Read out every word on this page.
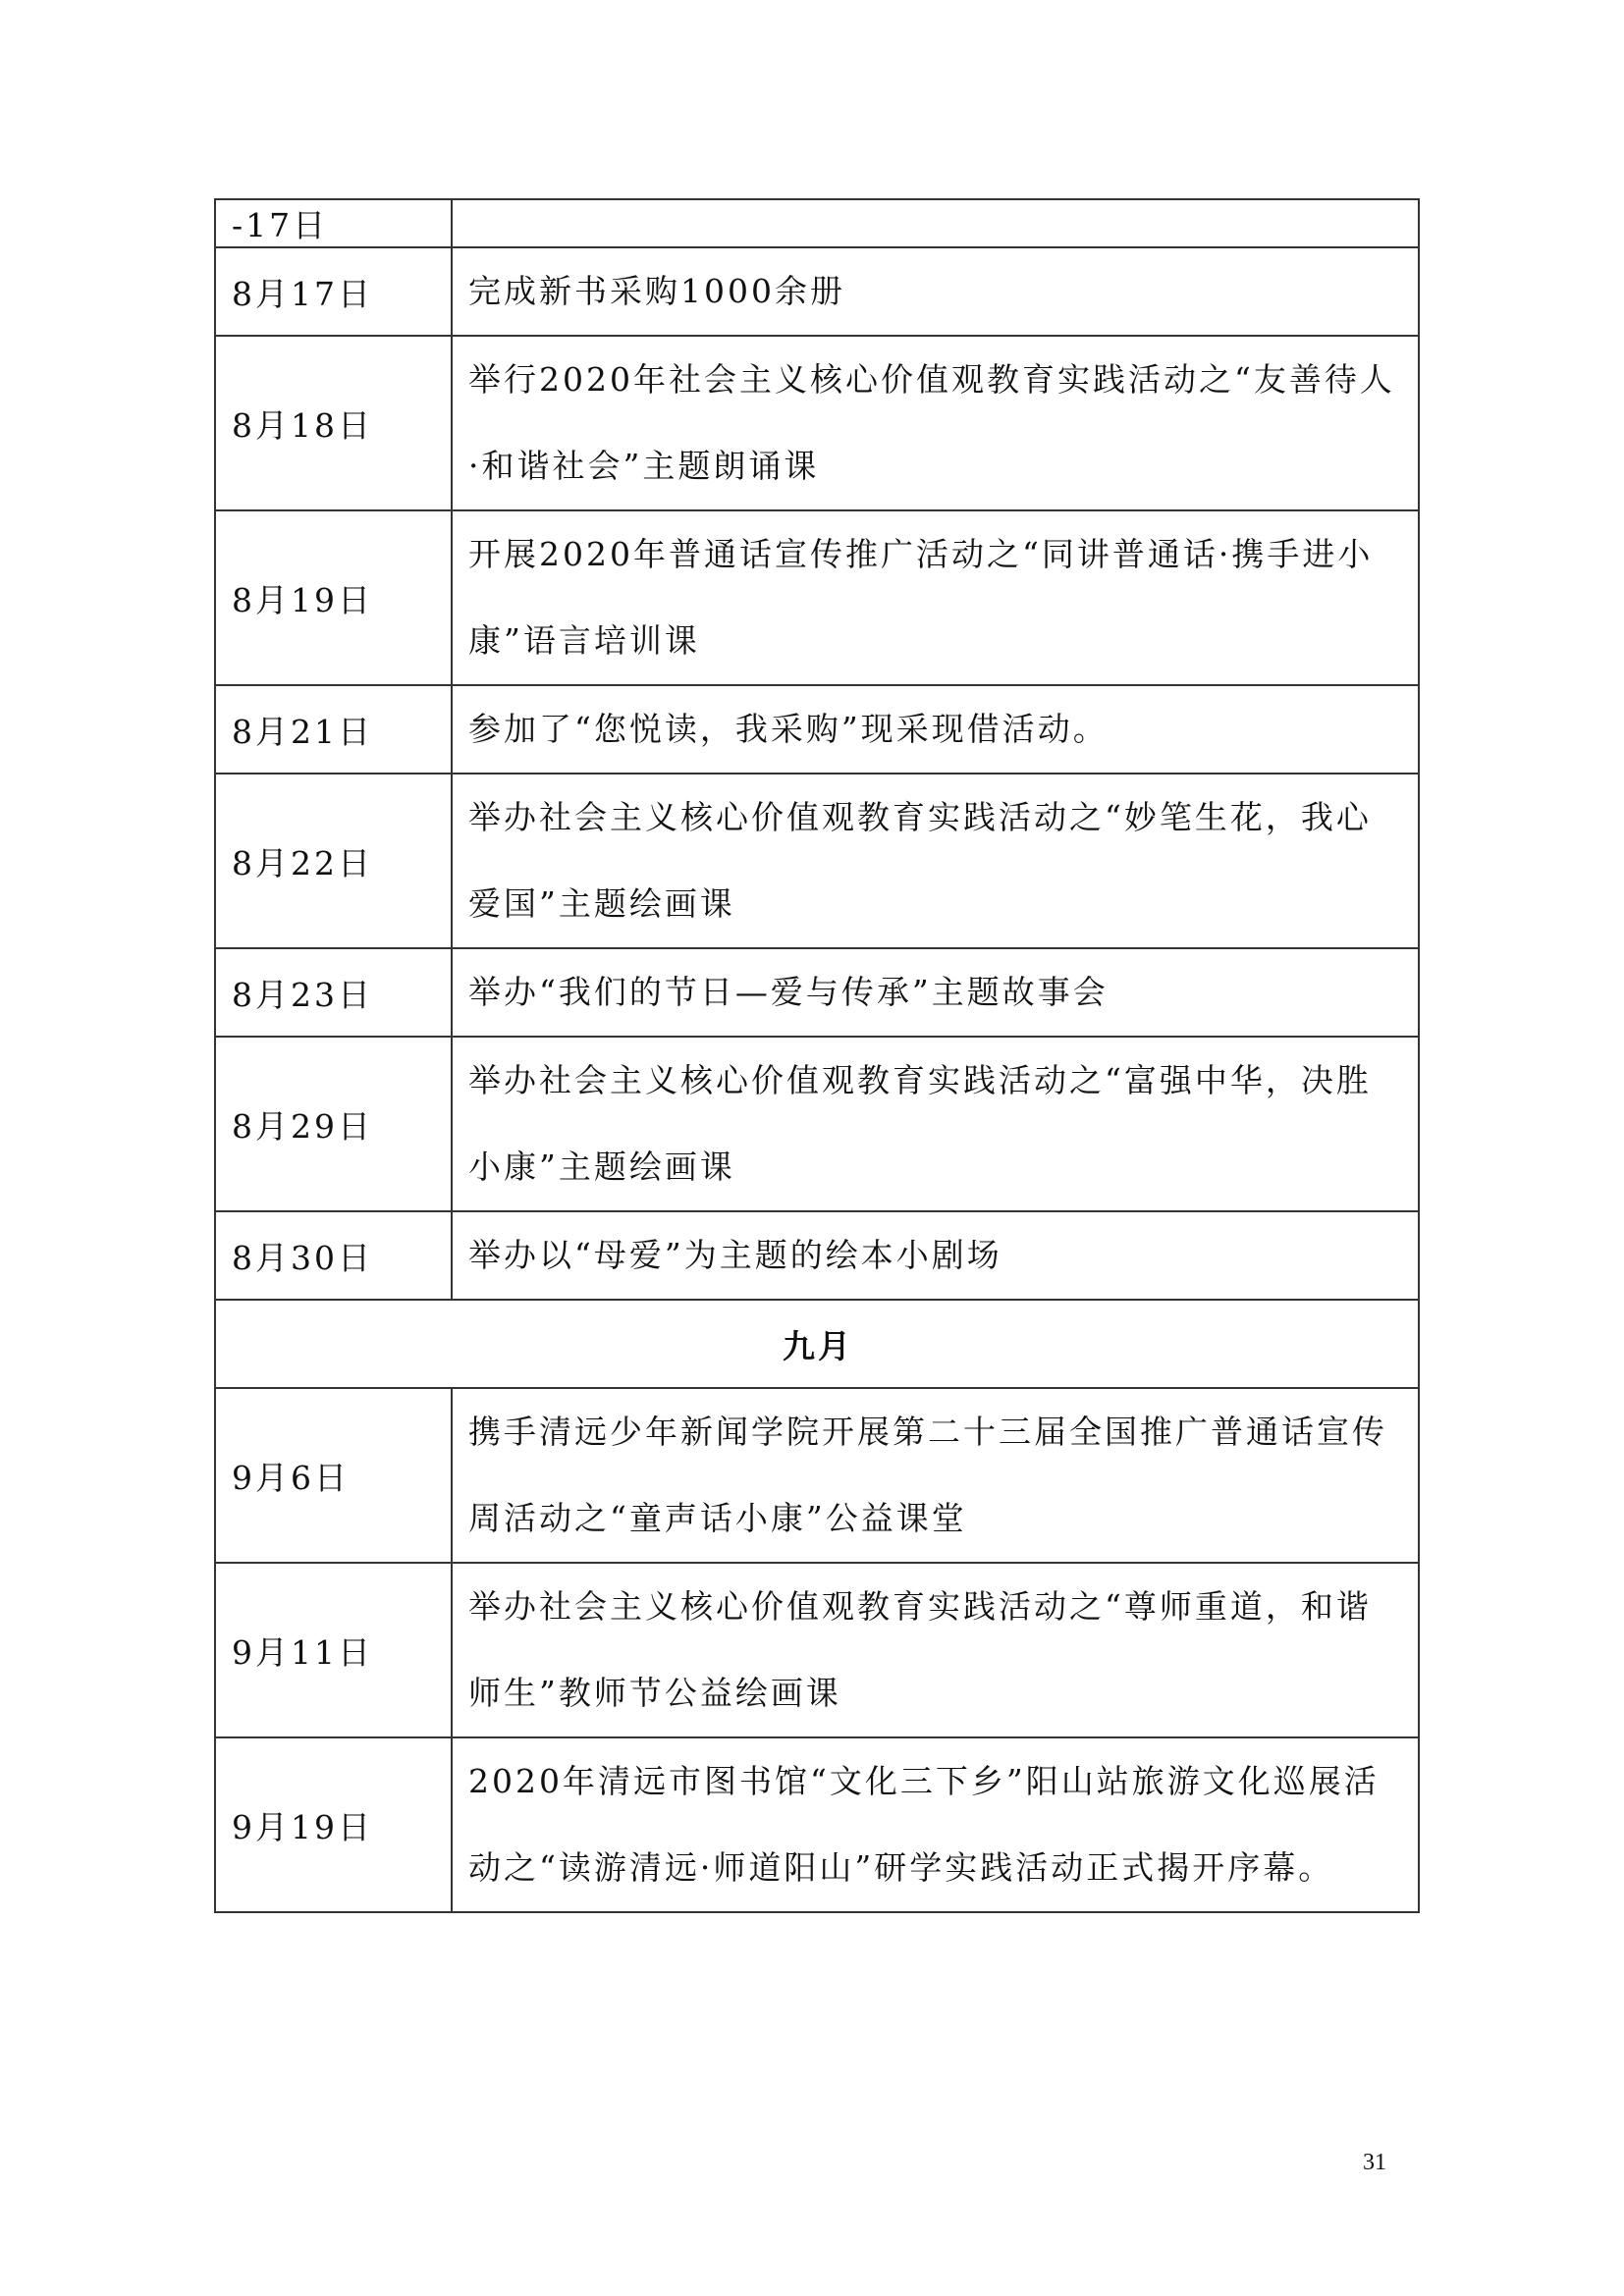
-17日	
8月17日	完成新书采购1000余册
8月18日	举行2020年社会主义核心价值观教育实践活动之“友善待人·和谐社会”主题朗诵课
8月19日	开展2020年普通话宣传推广活动之“同讲普通话·携手进小康”语言培训课
8月21日	参加了“您悦读，我采购”现采现借活动。
8月22日	举办社会主义核心价值观教育实践活动之“妙笔生花，我心爱国”主题绘画课
8月23日	举办“我们的节日—爱与传承”主题故事会
8月29日	举办社会主义核心价值观教育实践活动之“富强中华，决胜小康”主题绘画课
8月30日	举办以“母爱”为主题的绘本小剧场
九月	
9月6日	携手清远少年新闻学院开展第二十三届全国推广普通话宣传周活动之“童声话小康”公益课堂
9月11日	举办社会主义核心价值观教育实践活动之“尊师重道，和谐师生”教师节公益绘画课
9月19日	2020年清远市图书馆“文化三下乡”阳山站旅游文化巡展活动之“读游清远·师道阳山”研学实践活动正式揭开序幕。
31
